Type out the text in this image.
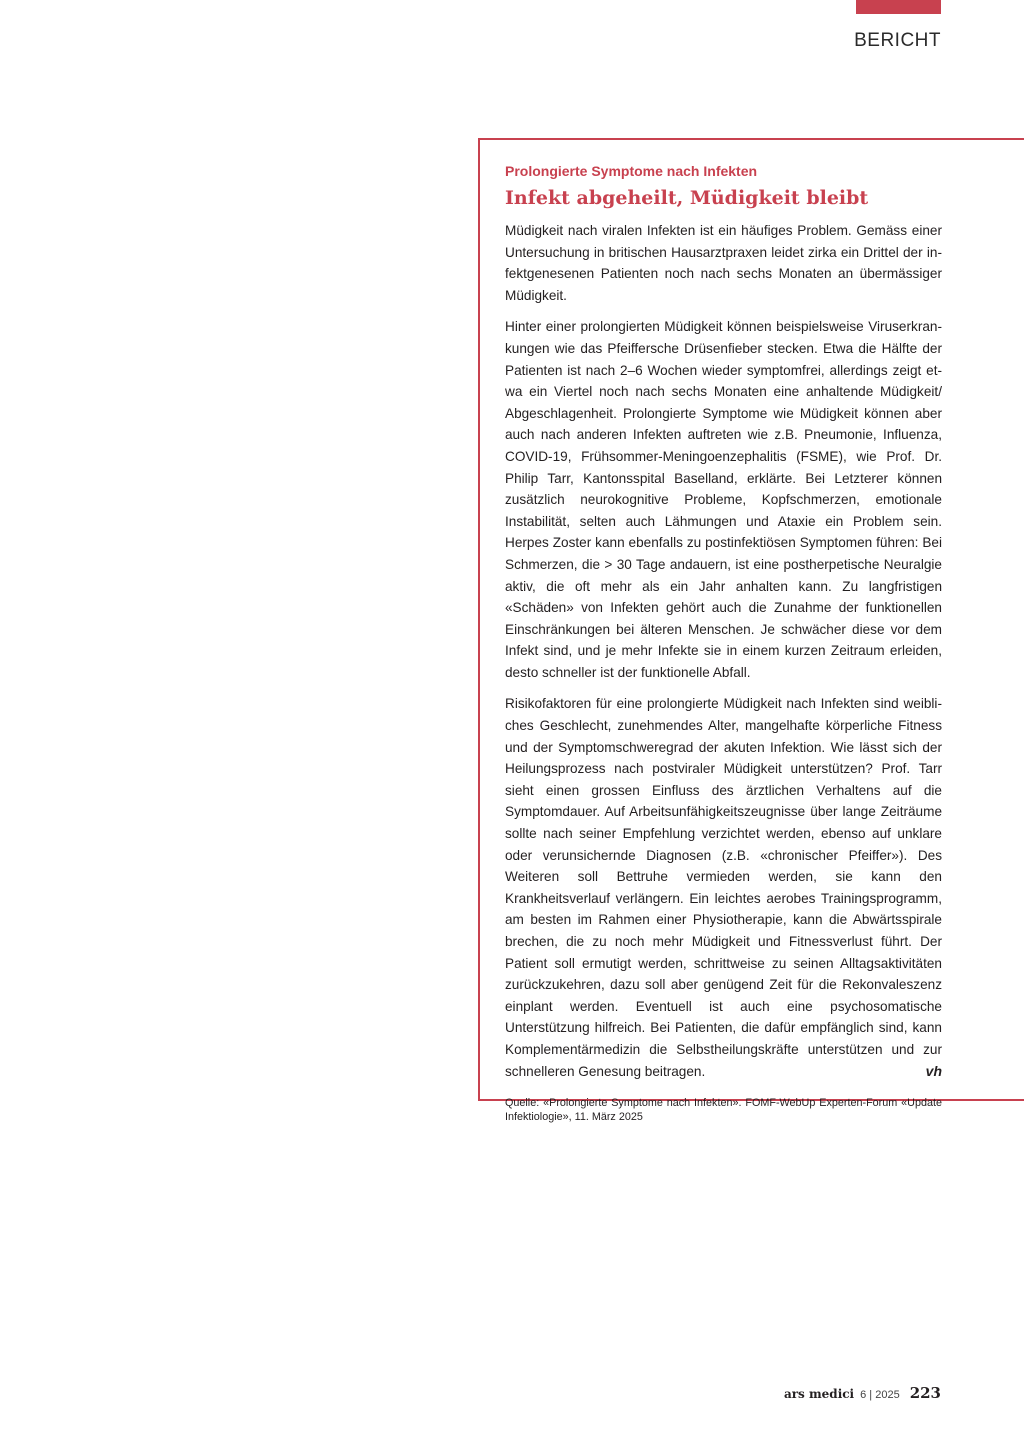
BERICHT

Prolongierte Symptome nach Infekten

Infekt abgeheilt, Müdigkeit bleibt

Müdigkeit nach viralen Infekten ist ein häufiges Problem. Gemäss einer Untersuchung in britischen Hausarztpraxen leidet zirka ein Drittel der infektgenesenen Patienten noch nach sechs Monaten an übermässiger Müdigkeit.

Hinter einer prolongierten Müdigkeit können beispielsweise Viruserkrankungen wie das Pfeiffersche Drüsenfieber stecken. Etwa die Hälfte der Patienten ist nach 2–6 Wochen wieder symptomfrei, allerdings zeigt etwa ein Viertel noch nach sechs Monaten eine anhaltende Müdigkeit/ Abgeschlagenheit. Prolongierte Symptome wie Müdigkeit können aber auch nach anderen Infekten auftreten wie z.B. Pneumonie, Influenza, COVID-19, Frühsommer-Meningoenzephalitis (FSME), wie Prof. Dr. Philip Tarr, Kantonsspital Baselland, erklärte. Bei Letzterer können zusätzlich neurokognitive Probleme, Kopfschmerzen, emotionale Instabilität, selten auch Lähmungen und Ataxie ein Problem sein. Herpes Zoster kann ebenfalls zu postinfektiösen Symptomen führen: Bei Schmerzen, die > 30 Tage andauern, ist eine postherpetische Neuralgie aktiv, die oft mehr als ein Jahr anhalten kann. Zu langfristigen «Schäden» von Infekten gehört auch die Zunahme der funktionellen Einschränkungen bei älteren Menschen. Je schwächer diese vor dem Infekt sind, und je mehr Infekte sie in einem kurzen Zeitraum erleiden, desto schneller ist der funktionelle Abfall.

Risikofaktoren für eine prolongierte Müdigkeit nach Infekten sind weibliches Geschlecht, zunehmendes Alter, mangelhafte körperliche Fitness und der Symptomschweregrad der akuten Infektion. Wie lässt sich der Heilungsprozess nach postviraler Müdigkeit unterstützen? Prof. Tarr sieht einen grossen Einfluss des ärztlichen Verhaltens auf die Symptomdauer. Auf Arbeitsunfähigkeitszeugnisse über lange Zeiträume sollte nach seiner Empfehlung verzichtet werden, ebenso auf unklare oder verunsichernde Diagnosen (z.B. «chronischer Pfeiffer»). Des Weiteren soll Bettruhe vermieden werden, sie kann den Krankheitsverlauf verlängern. Ein leichtes aerobes Trainingsprogramm, am besten im Rahmen einer Physiotherapie, kann die Abwärtsspirale brechen, die zu noch mehr Müdigkeit und Fitnessverlust führt. Der Patient soll ermutigt werden, schrittweise zu seinen Alltagsaktivitäten zurückzukehren, dazu soll aber genügend Zeit für die Rekonvaleszenz einplant werden. Eventuell ist auch eine psychosomatische Unterstützung hilfreich. Bei Patienten, die dafür empfänglich sind, kann Komplementärmedizin die Selbstheilungskräfte unterstützen und zur schnelleren Genesung beitragen.	vh

Quelle: «Prolongierte Symptome nach Infekten». FOMF-WebUp Experten-Forum «Update Infektiologie», 11. März 2025

ars medici 6 | 2025 223
